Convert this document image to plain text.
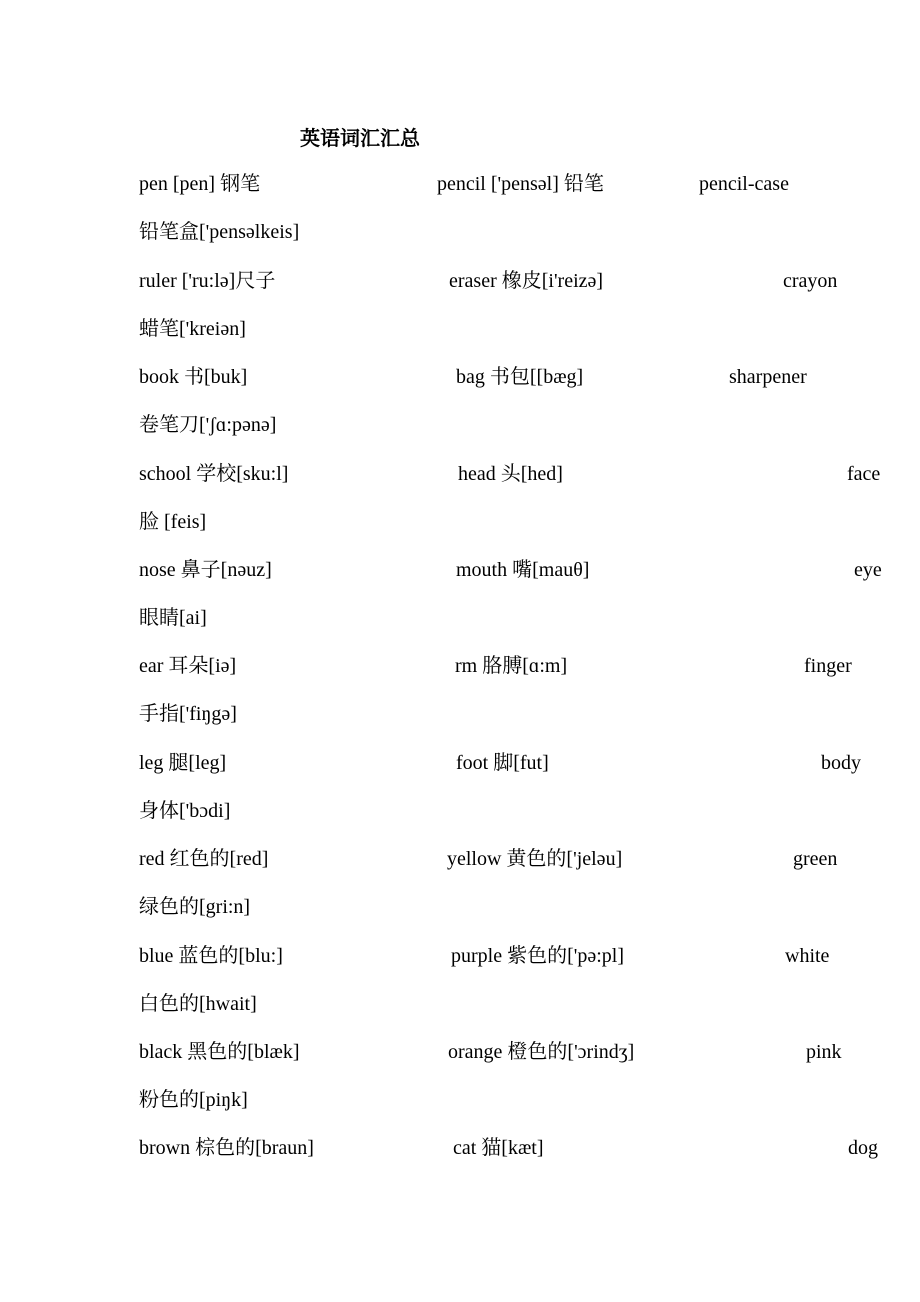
英语词汇汇总
pen [pen] 钢笔	pencil ['pensəl] 铅笔	pencil-case
铅笔盒['pensəlkeis]
ruler ['ru:lə]尺子	eraser 橡皮[i'reizə]	crayon
蜡笔['kreiən]
book 书[buk]	bag 书包[[bæg]	sharpener
卷笔刀['ʃɑ:pənə]
school 学校[sku:l]	head 头[hed]	face
脸 [feis]
nose 鼻子[nəuz]	mouth 嘴[mauθ]	eye
眼睛[ai]
ear 耳朵[iə]	rm 胳膊[ɑ:m]	finger
手指['fiŋgə]
leg 腿[leg]	foot 脚[fut]	body
身体['bɔdi]
red 红色的[red]	yellow 黄色的['jeləu]	green
绿色的[gri:n]
blue 蓝色的[blu:]	purple 紫色的['pə:pl]	white
白色的[hwait]
black 黑色的[blæk]	orange 橙色的['ɔrindʒ]	pink
粉色的[piŋk]
brown 棕色的[braun]	cat 猫[kæt]	dog
